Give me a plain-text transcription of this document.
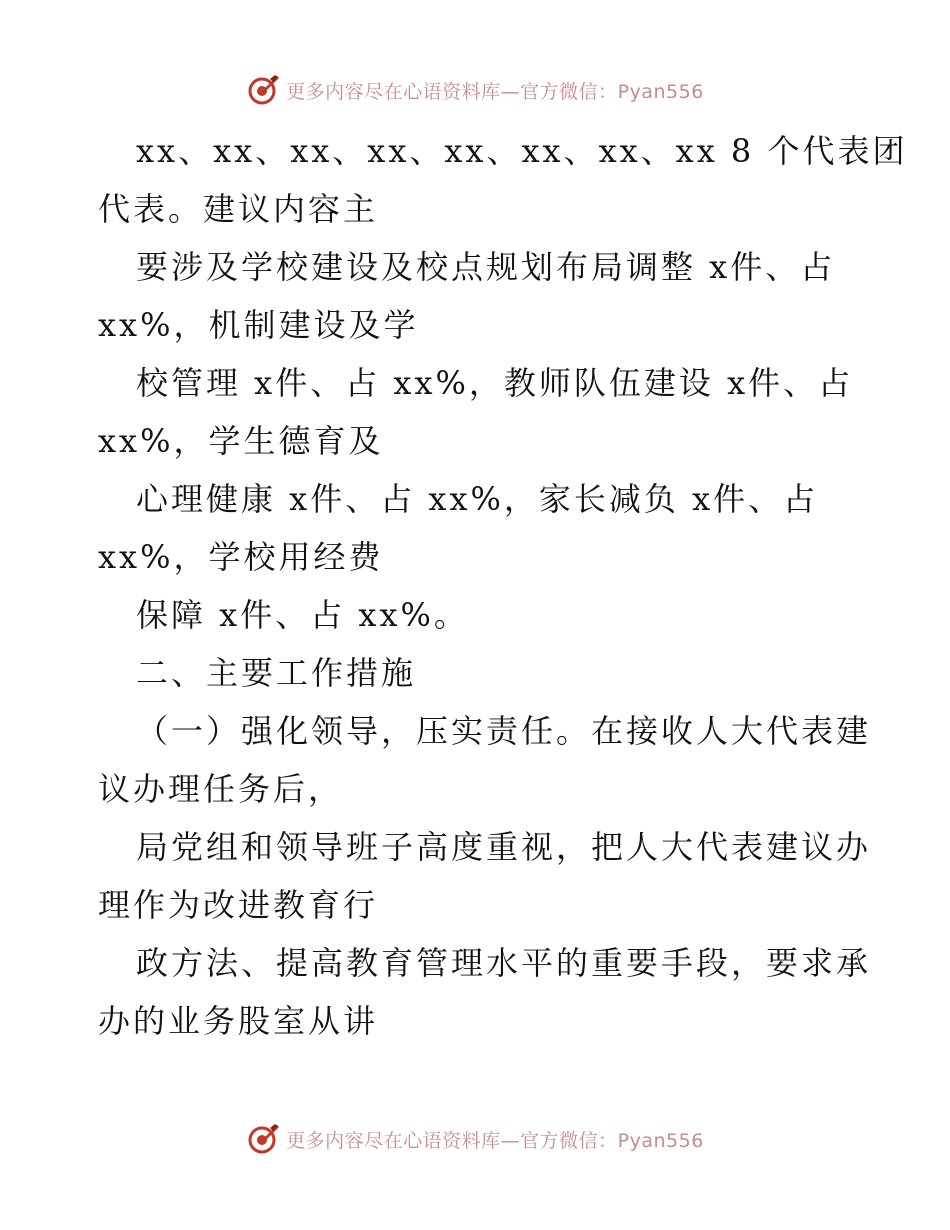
更多内容尽在心语资料库—官方微信：Pyan556
xx、xx、xx、xx、xx、xx、xx、xx 8 个代表团
代表。建议内容主
要涉及学校建设及校点规划布局调整 x件、占
xx%，机制建设及学
校管理 x件、占 xx%，教师队伍建设 x件、占
xx%，学生德育及
心理健康 x件、占 xx%，家长减负 x件、占
xx%，学校用经费
保障 x件、占 xx%。
二、主要工作措施
（一）强化领导，压实责任。在接收人大代表建
议办理任务后，
局党组和领导班子高度重视，把人大代表建议办
理作为改进教育行
政方法、提高教育管理水平的重要手段，要求承
办的业务股室从讲
更多内容尽在心语资料库—官方微信：Pyan556
